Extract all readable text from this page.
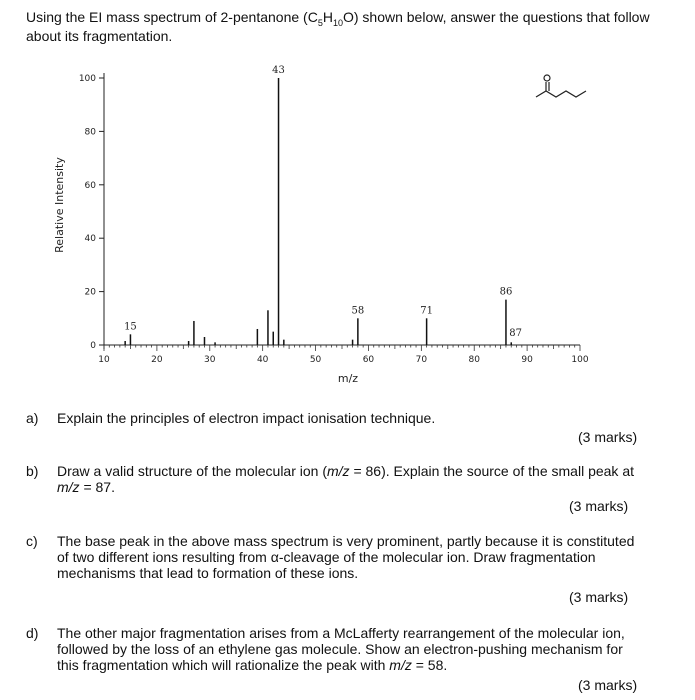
Using the EI mass spectrum of 2-pentanone $(C_5H_{10}O)$ shown below, answer the questions that follow about its fragmentation.
0
20
40
60
80
100
10	20	30	40	50	60	70	80	90	100
15
43
58	71
86
87
Relative Intensity
m/z
a) Explain the principles of electron impact ionisation technique.
(3 marks)
b) Draw a valid structure of the molecular ion (m/z = 86). Explain the source of the small peak at m/z = 87.
(3 marks)
c) The base peak in the above mass spectrum is very prominent, partly because it is constituted of two different ions resulting from α-cleavage of the molecular ion. Draw fragmentation mechanisms that lead to formation of these ions.
(3 marks)
d) The other major fragmentation arises from a McLafferty rearrangement of the molecular ion, followed by the loss of an ethylene gas molecule. Show an electron-pushing mechanism for this fragmentation which will rationalize the peak with m/z = 58.
(3 marks)
